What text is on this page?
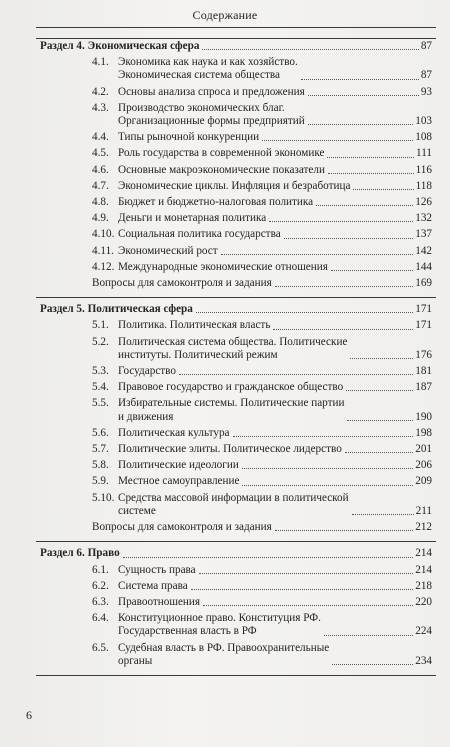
Содержание
Раздел 4. Экономическая сфера	87
4.1. Экономика как наука и как хозяйство.
Экономическая система общества	87
4.2. Основы анализа спроса и предложения	93
4.3. Производство экономических благ.
Организационные формы предприятий	103
4.4. Типы рыночной конкуренции	108
4.5. Роль государства в современной экономике	111
4.6. Основные макроэкономические показатели	116
4.7. Экономические циклы. Инфляция и безработица	118
4.8. Бюджет и бюджетно-налоговая политика	126
4.9. Деньги и монетарная политика	132
4.10. Социальная политика государства	137
4.11. Экономический рост	142
4.12. Международные экономические отношения	144
Вопросы для самоконтроля и задания	169
Раздел 5. Политическая сфера	171
5.1. Политика. Политическая власть	171
5.2. Политическая система общества. Политические
институты. Политический режим	176
5.3. Государство	181
5.4. Правовое государство и гражданское общество	187
5.5. Избирательные системы. Политические партии
и движения	190
5.6. Политическая культура	198
5.7. Политические элиты. Политическое лидерство	201
5.8. Политические идеологии	206
5.9. Местное самоуправление	209
5.10. Средства массовой информации в политической
системе	211
Вопросы для самоконтроля и задания	212
Раздел 6. Право	214
6.1. Сущность права	214
6.2. Система права	218
6.3. Правоотношения	220
6.4. Конституционное право. Конституция РФ.
Государственная власть в РФ	224
6.5. Судебная власть в РФ. Правоохранительные
органы	234
6
